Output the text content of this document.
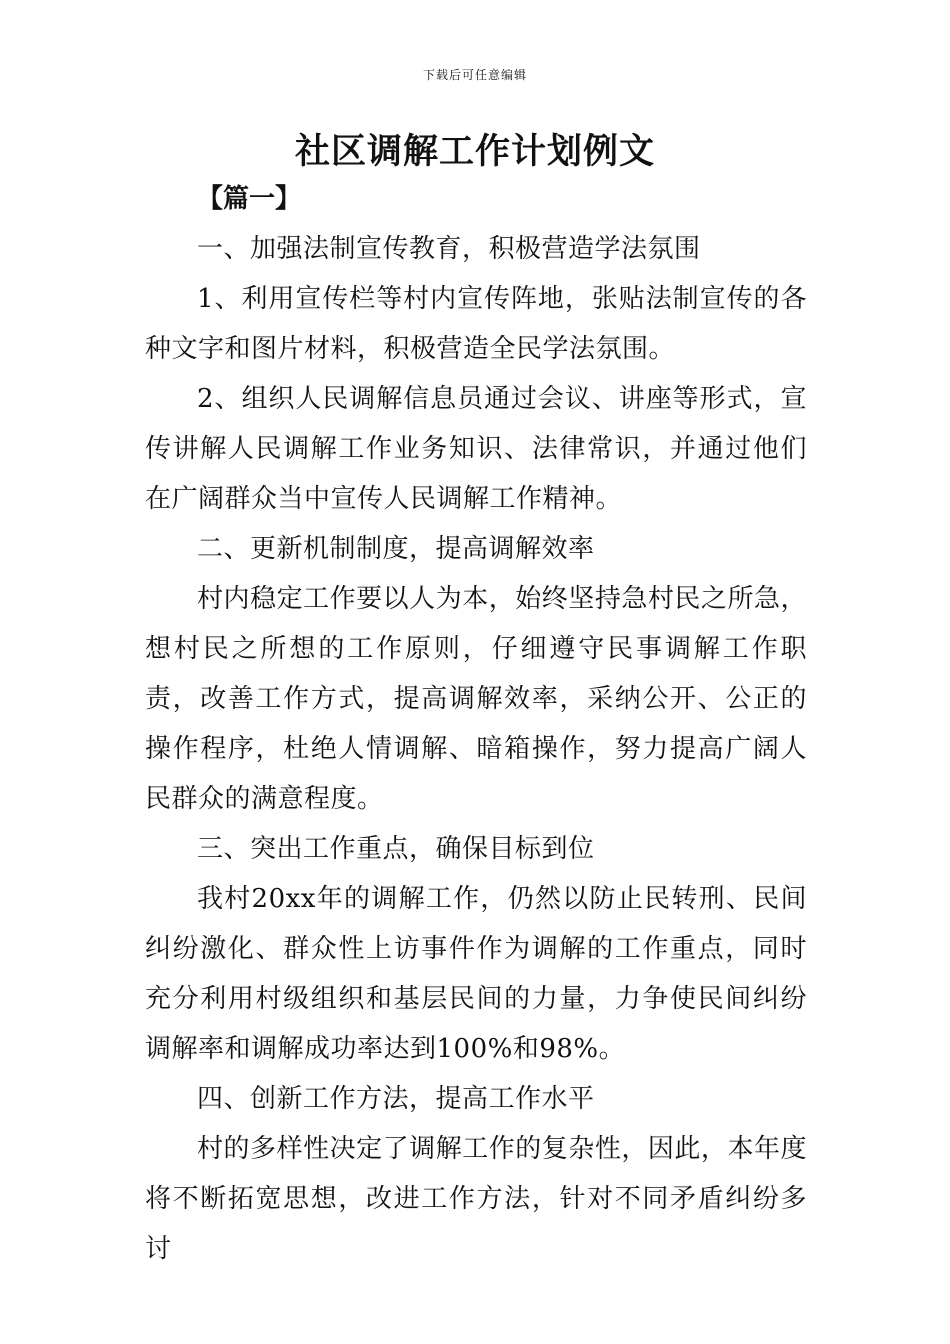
下载后可任意编辑
社区调解工作计划例文
【篇一】

一、加强法制宣传教育，积极营造学法氛围

1、利用宣传栏等村内宣传阵地，张贴法制宣传的各种文字和图片材料，积极营造全民学法氛围。

2、组织人民调解信息员通过会议、讲座等形式，宣传讲解人民调解工作业务知识、法律常识，并通过他们在广阔群众当中宣传人民调解工作精神。

二、更新机制制度，提高调解效率

村内稳定工作要以人为本，始终坚持急村民之所急，想村民之所想的工作原则，仔细遵守民事调解工作职责，改善工作方式，提高调解效率，采纳公开、公正的操作程序，杜绝人情调解、暗箱操作，努力提高广阔人民群众的满意程度。

三、突出工作重点，确保目标到位

我村20xx年的调解工作，仍然以防止民转刑、民间纠纷激化、群众性上访事件作为调解的工作重点，同时充分利用村级组织和基层民间的力量，力争使民间纠纷调解率和调解成功率达到100%和98%。

四、创新工作方法，提高工作水平

村的多样性决定了调解工作的复杂性，因此，本年度将不断拓宽思想，改进工作方法，针对不同矛盾纠纷多讨
